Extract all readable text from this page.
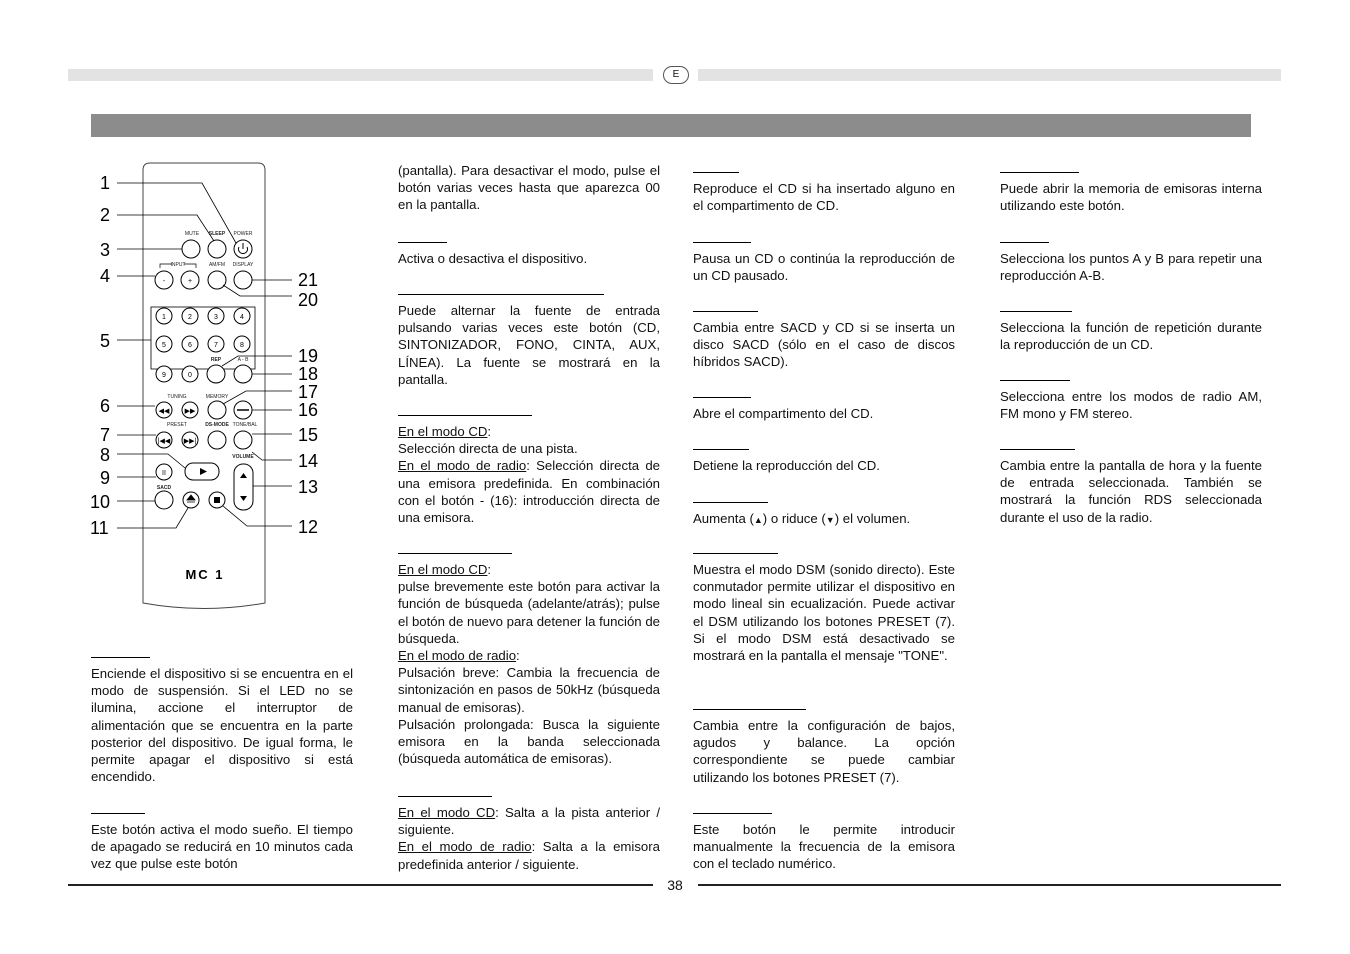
E
MUTE SLEEP POWER
INPUT	AM/FM DISPLAY
-	+
1	2	3	4
5	6	7	8
9	0
REP	A - B
TUNING	MEMORY
◀◀ ▶▶
PRESET	DS-MODE TONE/BAL
|◀◀ ▶▶|
VOLUME
II
SACD
MC 1
1
2
3
4
5
6
7
8
9
10
11
21
20
19
18
17
16
15
14
13
12
Enciende el dispositivo si se encuentra en el modo de suspensión. Si el LED no se ilumina, accione el interruptor de alimentación que se encuentra en la parte posterior del dispositivo. De igual forma, le permite apagar el dispositivo si está encendido.
Este botón activa el modo sueño. El tiempo de apagado se reducirá en 10 minutos cada vez que pulse este botón
(pantalla). Para desactivar el modo, pulse el botón varias veces hasta que aparezca 00 en la pantalla.
Activa o desactiva el dispositivo.
Puede alternar la fuente de entrada pulsando varias veces este botón (CD, SINTONIZADOR, FONO, CINTA, AUX, LÍNEA). La fuente se mostrará en la pantalla.
En el modo CD:
Selección directa de una pista.
En el modo de radio: Selección directa de una emisora predefinida. En combinación con el botón - (16): introducción directa de una emisora.
En el modo CD:
pulse brevemente este botón para activar la función de búsqueda (adelante/atrás); pulse el botón de nuevo para detener la función de búsqueda.
En el modo de radio:
Pulsación breve: Cambia la frecuencia de sintonización en pasos de 50kHz (búsqueda manual de emisoras).
Pulsación prolongada: Busca la siguiente emisora en la banda seleccionada (búsqueda automática de emisoras).
En el modo CD: Salta a la pista anterior / siguiente.
En el modo de radio: Salta a la emisora predefinida anterior / siguiente.
Reproduce el CD si ha insertado alguno en el compartimento de CD.
Pausa un CD o continúa la reproducción de un CD pausado.
Cambia entre SACD y CD si se inserta un disco SACD (sólo en el caso de discos híbridos SACD).
Abre el compartimento del CD.
Detiene la reproducción del CD.
Aumenta (▲) o riduce (▼) el volumen.
Muestra el modo DSM (sonido directo). Este conmutador permite utilizar el dispositivo en modo lineal sin ecualización. Puede activar el DSM utilizando los botones PRESET (7). Si el modo DSM está desactivado se mostrará en la pantalla el mensaje "TONE".
Cambia entre la configuración de bajos, agudos y balance. La opción correspondiente se puede cambiar utilizando los botones PRESET (7).
Este botón le permite introducir manualmente la frecuencia de la emisora con el teclado numérico.
Puede abrir la memoria de emisoras interna utilizando este botón.
Selecciona los puntos A y B para repetir una reproducción A-B.
Selecciona la función de repetición durante la reproducción de un CD.
Selecciona entre los modos de radio AM, FM mono y FM stereo.
Cambia entre la pantalla de hora y la fuente de entrada seleccionada. También se mostrará la función RDS seleccionada durante el uso de la radio.
38
